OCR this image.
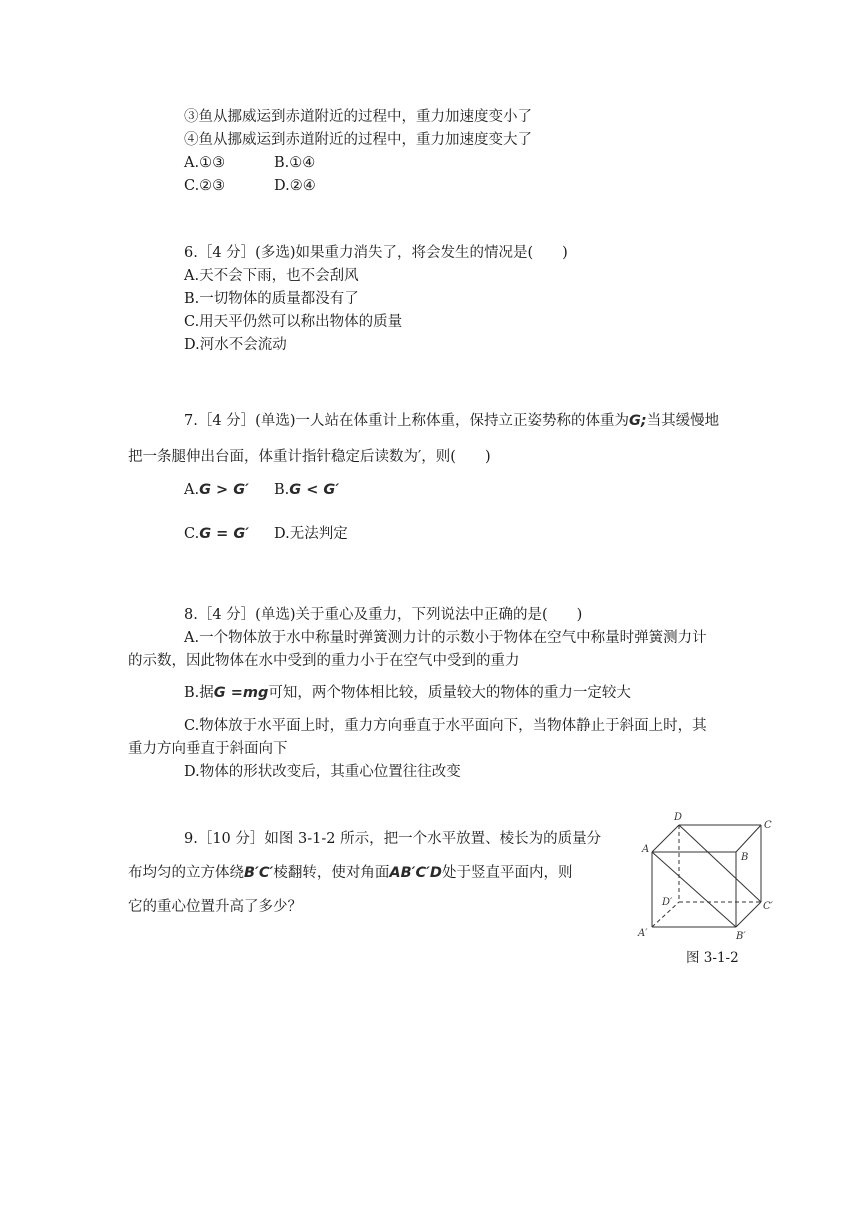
③鱼从挪威运到赤道附近的过程中，重力加速度变小了
④鱼从挪威运到赤道附近的过程中，重力加速度变大了
A.①③	B.①④
C.②③	D.②④
6.［4 分］(多选)如果重力消失了，将会发生的情况是(　　)
A.天不会下雨，也不会刮风
B.一切物体的质量都没有了
C.用天平仍然可以称出物体的质量
D.河水不会流动
7.［4 分］(单选)一人站在体重计上称体重，保持立正姿势称的体重为G;当其缓慢地
把一条腿伸出台面，体重计指针稳定后读数为′，则(　　)
A.G > G′ B.G < G′
C.G = G′ D.无法判定
8.［4 分］(单选)关于重心及重力，下列说法中正确的是(　　)
A.一个物体放于水中称量时弹簧测力计的示数小于物体在空气中称量时弹簧测力计
的示数，因此物体在水中受到的重力小于在空气中受到的重力
B.据G =mg可知，两个物体相比较，质量较大的物体的重力一定较大
C.物体放于水平面上时，重力方向垂直于水平面向下，当物体静止于斜面上时，其
重力方向垂直于斜面向下
D.物体的形状改变后，其重心位置往往改变
9.［10 分］如图 3-1-2 所示，把一个水平放置、棱长为的质量分
布均匀的立方体绕B′C′棱翻转，使对角面AB′C′D处于竖直平面内，则
它的重心位置升高了多少？
D
C
A
B
D′	C′
A′	B′
图 3-1-2
